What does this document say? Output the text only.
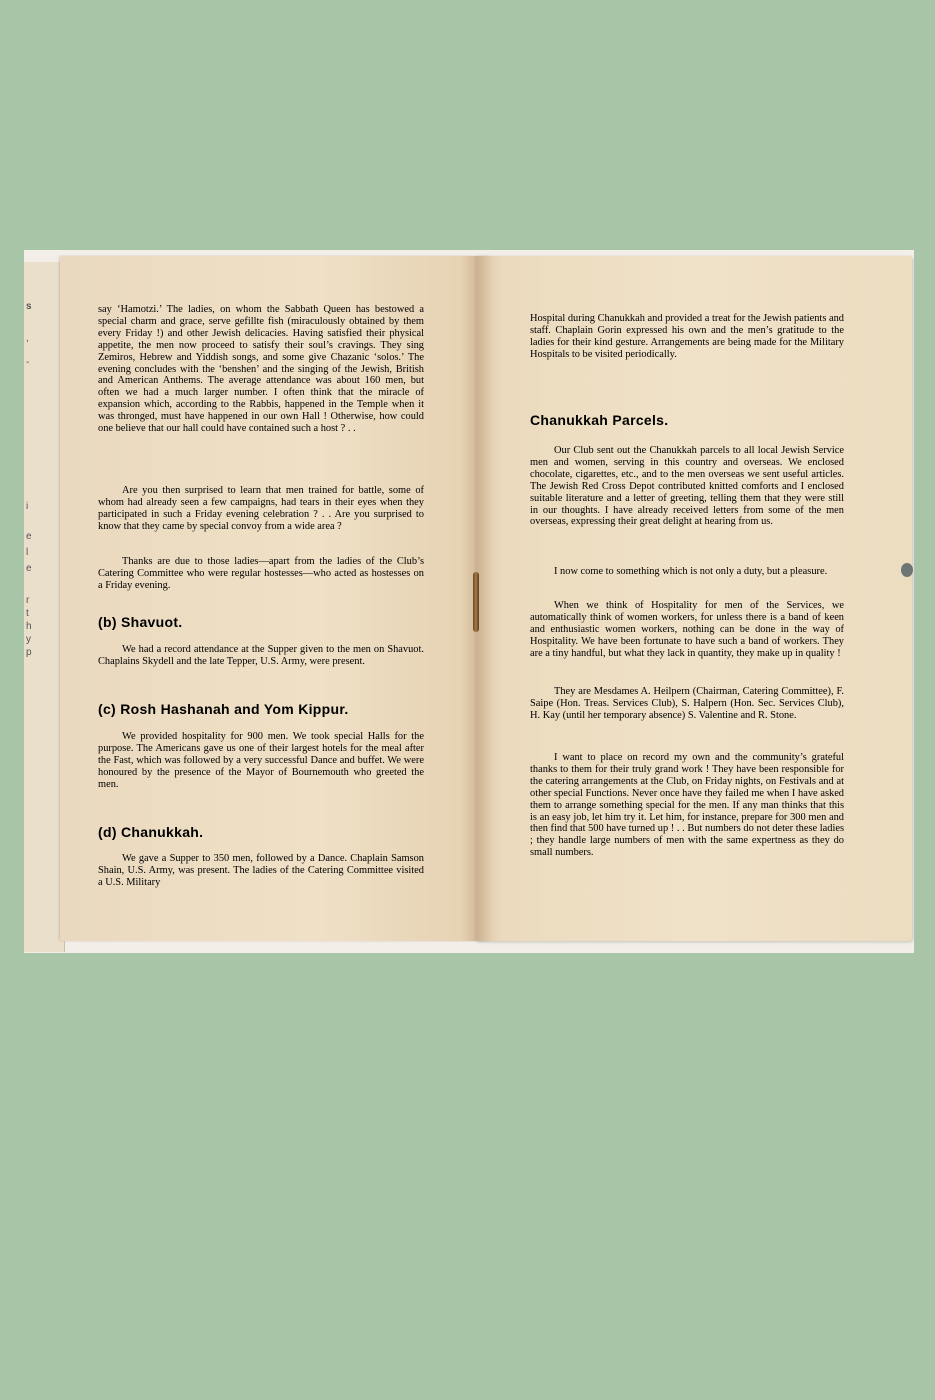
s
,
-
i
e
l
e
r
t
h
y
p

say ‘Hamotzi.’ The ladies, on whom the Sabbath Queen has bestowed a special charm and grace, serve gefillte fish (miraculously obtained by them every Friday !) and other Jewish delicacies. Having satisfied their physical appetite, the men now proceed to satisfy their soul’s cravings. They sing Zemiros, Hebrew and Yiddish songs, and some give Chazanic ‘solos.’ The evening concludes with the ‘benshen’ and the singing of the Jewish, British and American Anthems. The average attendance was about 160 men, but often we had a much larger number. I often think that the miracle of expansion which, according to the Rabbis, happened in the Temple when it was thronged, must have happened in our own Hall ! Otherwise, how could one believe that our hall could have contained such a host ? . .

Are you then surprised to learn that men trained for battle, some of whom had already seen a few campaigns, had tears in their eyes when they participated in such a Friday evening celebration ? . . Are you surprised to know that they came by special convoy from a wide area ?

Thanks are due to those ladies—apart from the ladies of the Club’s Catering Committee who were regular hostesses—who acted as hostesses on a Friday evening.

(b) Shavuot.

We had a record attendance at the Supper given to the men on Shavuot. Chaplains Skydell and the late Tepper, U.S. Army, were present.

(c) Rosh Hashanah and Yom Kippur.

We provided hospitality for 900 men. We took special Halls for the purpose. The Americans gave us one of their largest hotels for the meal after the Fast, which was followed by a very successful Dance and buffet. We were honoured by the presence of the Mayor of Bournemouth who greeted the men.

(d) Chanukkah.

We gave a Supper to 350 men, followed by a Dance. Chaplain Samson Shain, U.S. Army, was present. The ladies of the Catering Committee visited a U.S. Military

Hospital during Chanukkah and provided a treat for the Jewish patients and staff. Chaplain Gorin expressed his own and the men’s gratitude to the ladies for their kind gesture. Arrangements are being made for the Military Hospitals to be visited periodically.

Chanukkah Parcels.

Our Club sent out the Chanukkah parcels to all local Jewish Service men and women, serving in this country and overseas. We enclosed chocolate, cigarettes, etc., and to the men overseas we sent useful articles. The Jewish Red Cross Depot contributed knitted comforts and I enclosed suitable literature and a letter of greeting, telling them that they were still in our thoughts. I have already received letters from some of the men overseas, expressing their great delight at hearing from us.

I now come to something which is not only a duty, but a pleasure.

When we think of Hospitality for men of the Services, we automatically think of women workers, for unless there is a band of keen and enthusiastic women workers, nothing can be done in the way of Hospitality. We have been fortunate to have such a band of workers. They are a tiny handful, but what they lack in quantity, they make up in quality !

They are Mesdames A. Heilpern (Chairman, Catering Committee), F. Saipe (Hon. Treas. Services Club), S. Halpern (Hon. Sec. Services Club), H. Kay (until her temporary absence) S. Valentine and R. Stone.

I want to place on record my own and the community’s grateful thanks to them for their truly grand work ! They have been responsible for the catering arrangements at the Club, on Friday nights, on Festivals and at other special Functions. Never once have they failed me when I have asked them to arrange something special for the men. If any man thinks that this is an easy job, let him try it. Let him, for instance, prepare for 300 men and then find that 500 have turned up ! . . But numbers do not deter these ladies ; they handle large numbers of men with the same expertness as they do small numbers.
